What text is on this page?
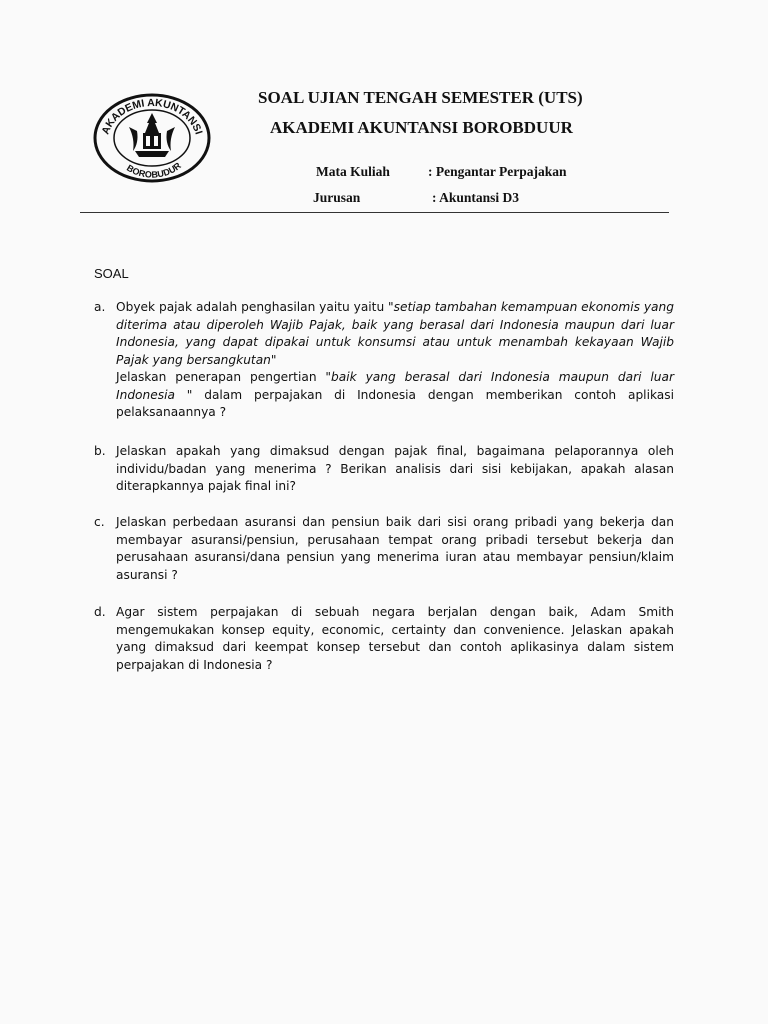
AKADEMI AKUNTANSI
BOROBUDUR
SOAL UJIAN TENGAH SEMESTER (UTS)
AKADEMI AKUNTANSI BOROBDUUR
Mata Kuliah	: Pengantar Perpajakan
Jurusan	: Akuntansi D3
SOAL
a. Obyek pajak adalah penghasilan yaitu yaitu "setiap tambahan kemampuan ekonomis yang diterima atau diperoleh Wajib Pajak, baik yang berasal dari Indonesia maupun dari luar Indonesia, yang dapat dipakai untuk konsumsi atau untuk menambah kekayaan Wajib Pajak yang bersangkutan"

Jelaskan penerapan pengertian "baik yang berasal dari Indonesia maupun dari luar Indonesia " dalam perpajakan di Indonesia dengan memberikan contoh aplikasi pelaksanaannya ?

b. Jelaskan apakah yang dimaksud dengan pajak final, bagaimana pelaporannya oleh individu/badan yang menerima ? Berikan analisis dari sisi kebijakan, apakah alasan diterapkannya pajak final ini?
c. Jelaskan perbedaan asuransi dan pensiun baik dari sisi orang pribadi yang bekerja dan membayar asuransi/pensiun, perusahaan tempat orang pribadi tersebut bekerja dan perusahaan asuransi/dana pensiun yang menerima iuran atau membayar pensiun/klaim asuransi ?
d. Agar sistem perpajakan di sebuah negara berjalan dengan baik, Adam Smith mengemukakan konsep equity, economic, certainty dan convenience. Jelaskan apakah yang dimaksud dari keempat konsep tersebut dan contoh aplikasinya dalam sistem perpajakan di Indonesia ?
